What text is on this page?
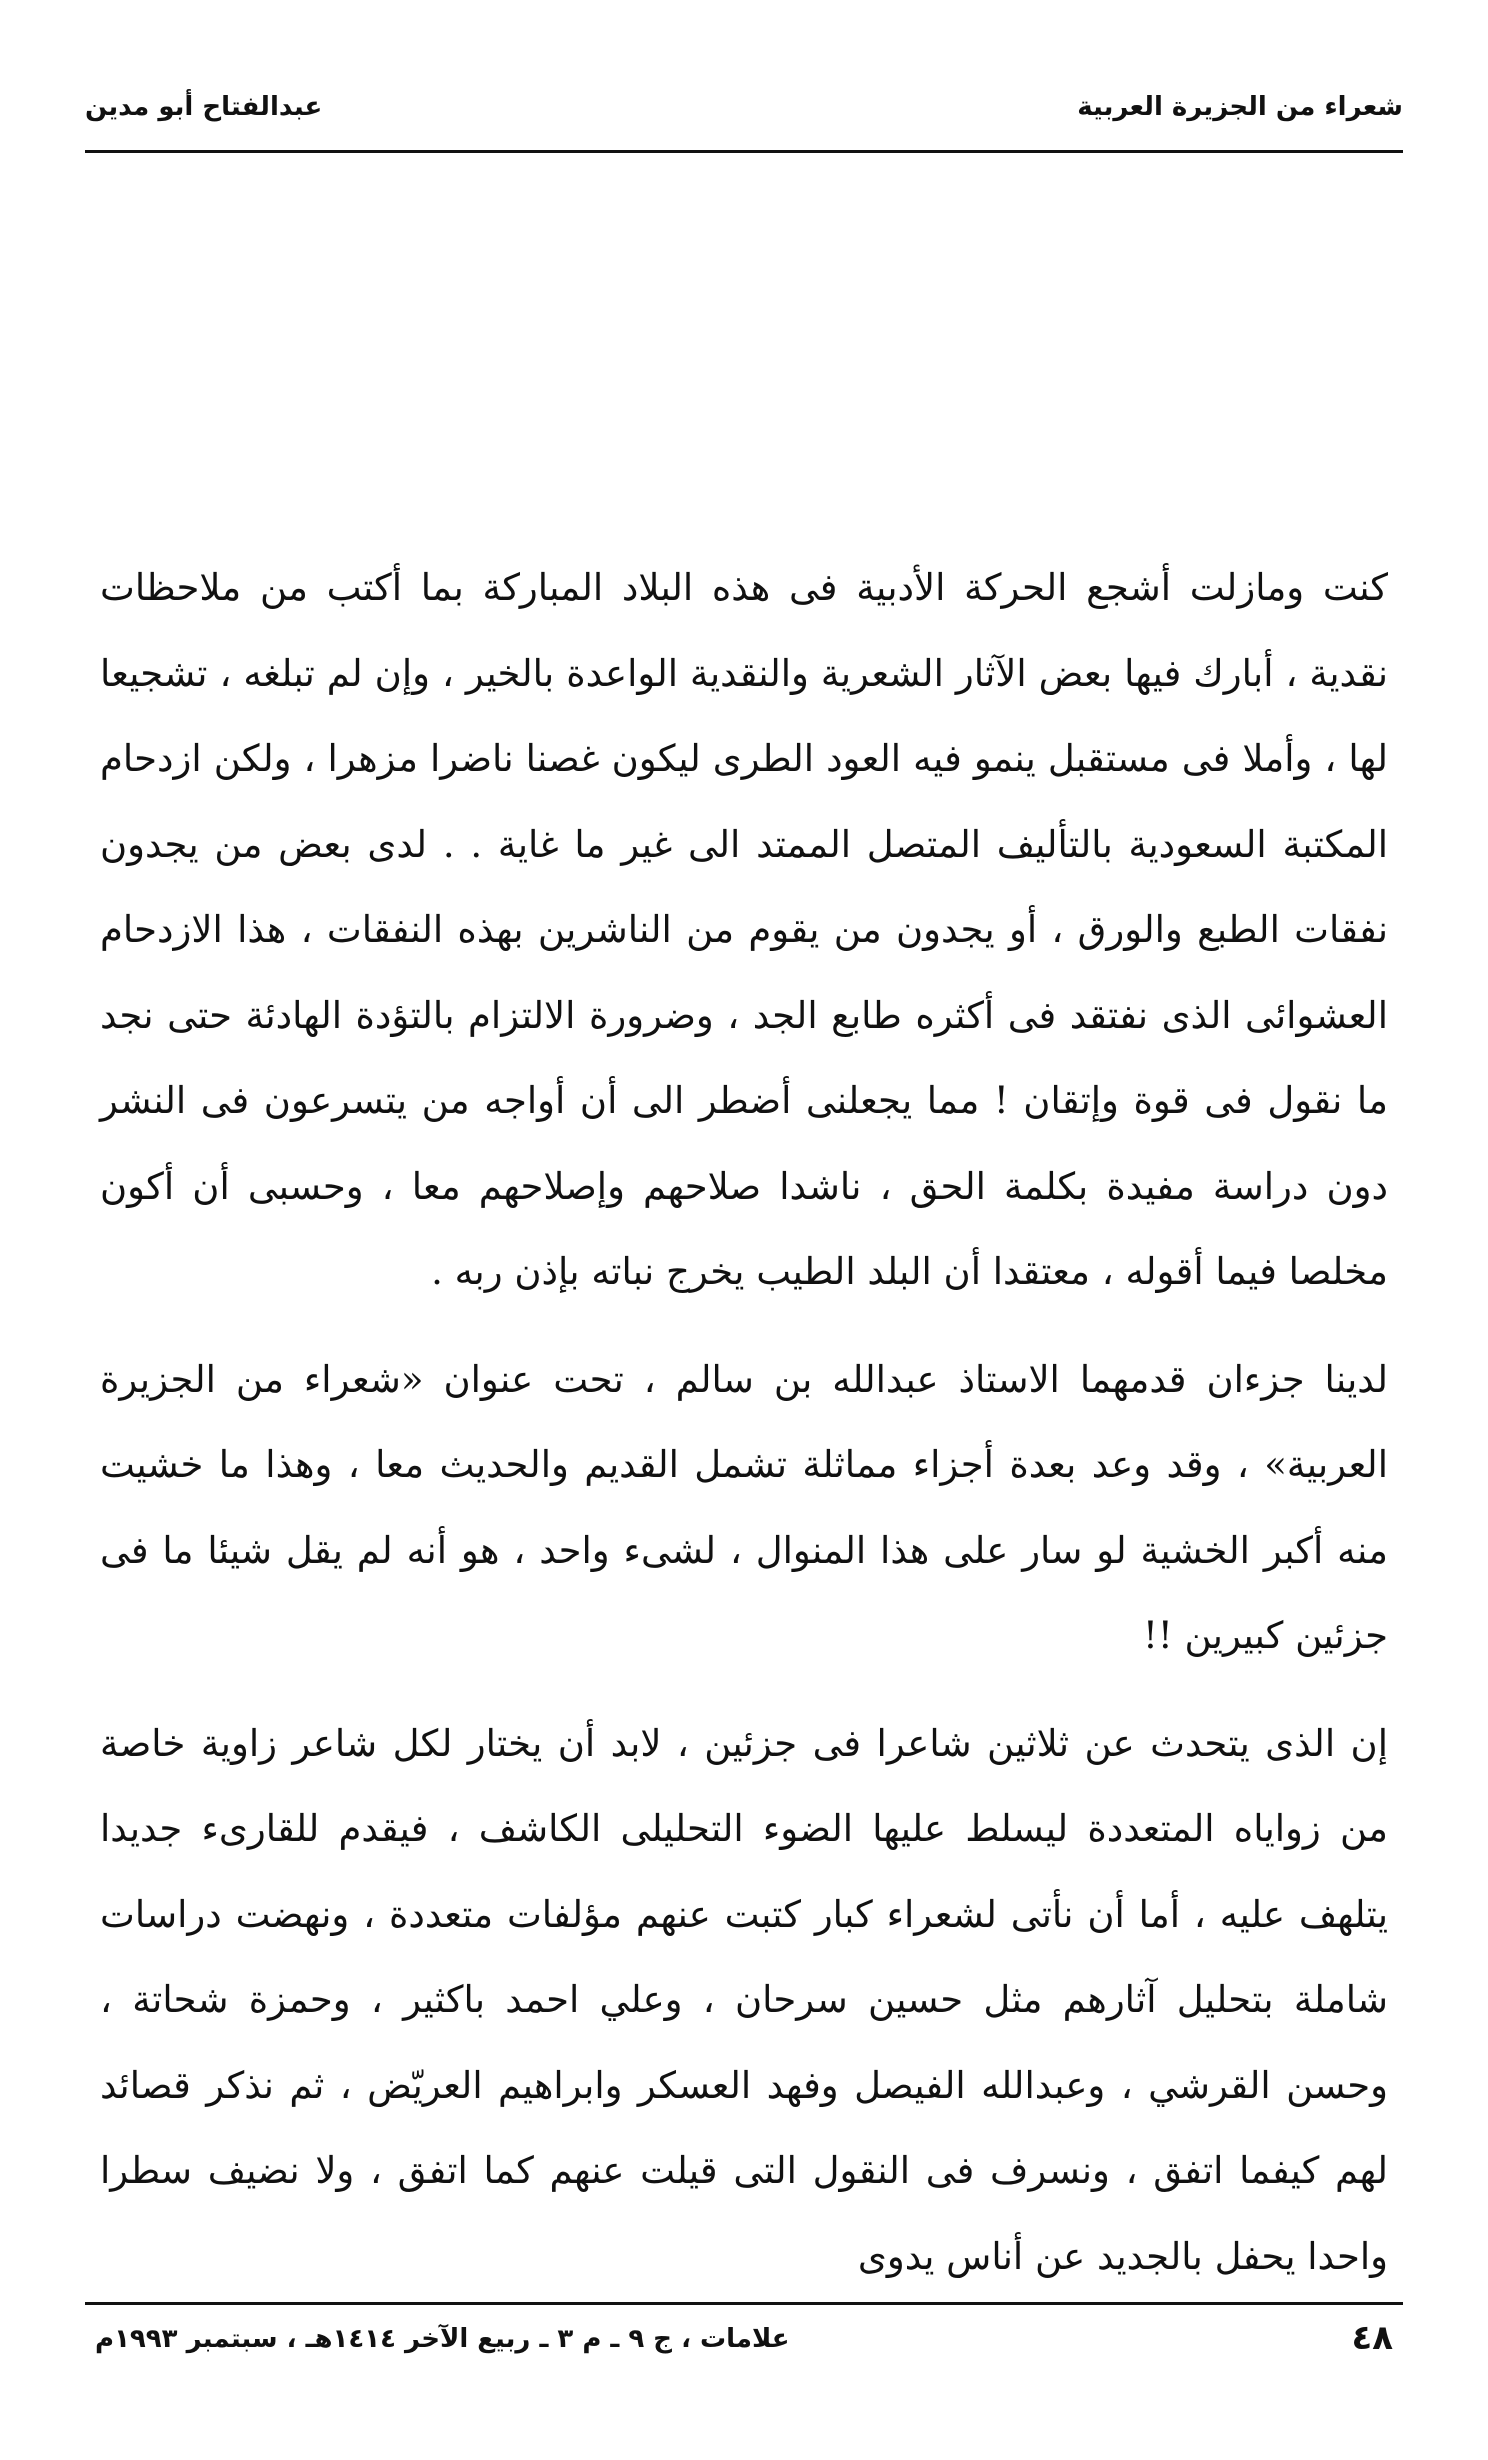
شعراء من الجزيرة العربية
عبدالفتاح أبو مدين

كنت ومازلت أشجع الحركة الأدبية فى هذه البلاد المباركة بما أكتب من ملاحظات نقدية ، أبارك فيها بعض الآثار الشعرية والنقدية الواعدة بالخير ، وإن لم تبلغه ، تشجيعا لها ، وأملا فى مستقبل ينمو فيه العود الطرى ليكون غصنا ناضرا مزهرا ، ولكن ازدحام المكتبة السعودية بالتأليف المتصل الممتد الى غير ما غاية . . لدى بعض من يجدون نفقات الطبع والورق ، أو يجدون من يقوم من الناشرين بهذه النفقات ، هذا الازدحام العشوائى الذى نفتقد فى أكثره طابع الجد ، وضرورة الالتزام بالتؤدة الهادئة حتى نجد ما نقول فى قوة وإتقان ! مما يجعلنى أضطر الى أن أواجه من يتسرعون فى النشر دون دراسة مفيدة بكلمة الحق ، ناشدا صلاحهم وإصلاحهم معا ، وحسبى أن أكون مخلصا فيما أقوله ، معتقدا أن البلد الطيب يخرج نباته بإذن ربه .

لدينا جزءان قدمهما الاستاذ عبدالله بن سالم ، تحت عنوان «شعراء من الجزيرة العربية» ، وقد وعد بعدة أجزاء مماثلة تشمل القديم والحديث معا ، وهذا ما خشيت منه أكبر الخشية لو سار على هذا المنوال ، لشىء واحد ، هو أنه لم يقل شيئا ما فى جزئين كبيرين !!

إن الذى يتحدث عن ثلاثين شاعرا فى جزئين ، لابد أن يختار لكل شاعر زاوية خاصة من زواياه المتعددة ليسلط عليها الضوء التحليلى الكاشف ، فيقدم للقارىء جديدا يتلهف عليه ، أما أن نأتى لشعراء كبار كتبت عنهم مؤلفات متعددة ، ونهضت دراسات شاملة بتحليل آثارهم مثل حسين سرحان ، وعلي احمد باكثير ، وحمزة شحاتة ، وحسن القرشي ، وعبدالله الفيصل وفهد العسكر وابراهيم العريّض ، ثم نذكر قصائد لهم كيفما اتفق ، ونسرف فى النقول التى قيلت عنهم كما اتفق ، ولا نضيف سطرا واحدا يحفل بالجديد عن أناس يدوى

٤٨
علامات ، ج ٩ ـ م ٣ ـ ربيع الآخر ١٤١٤هـ ، سبتمبر ١٩٩٣م
